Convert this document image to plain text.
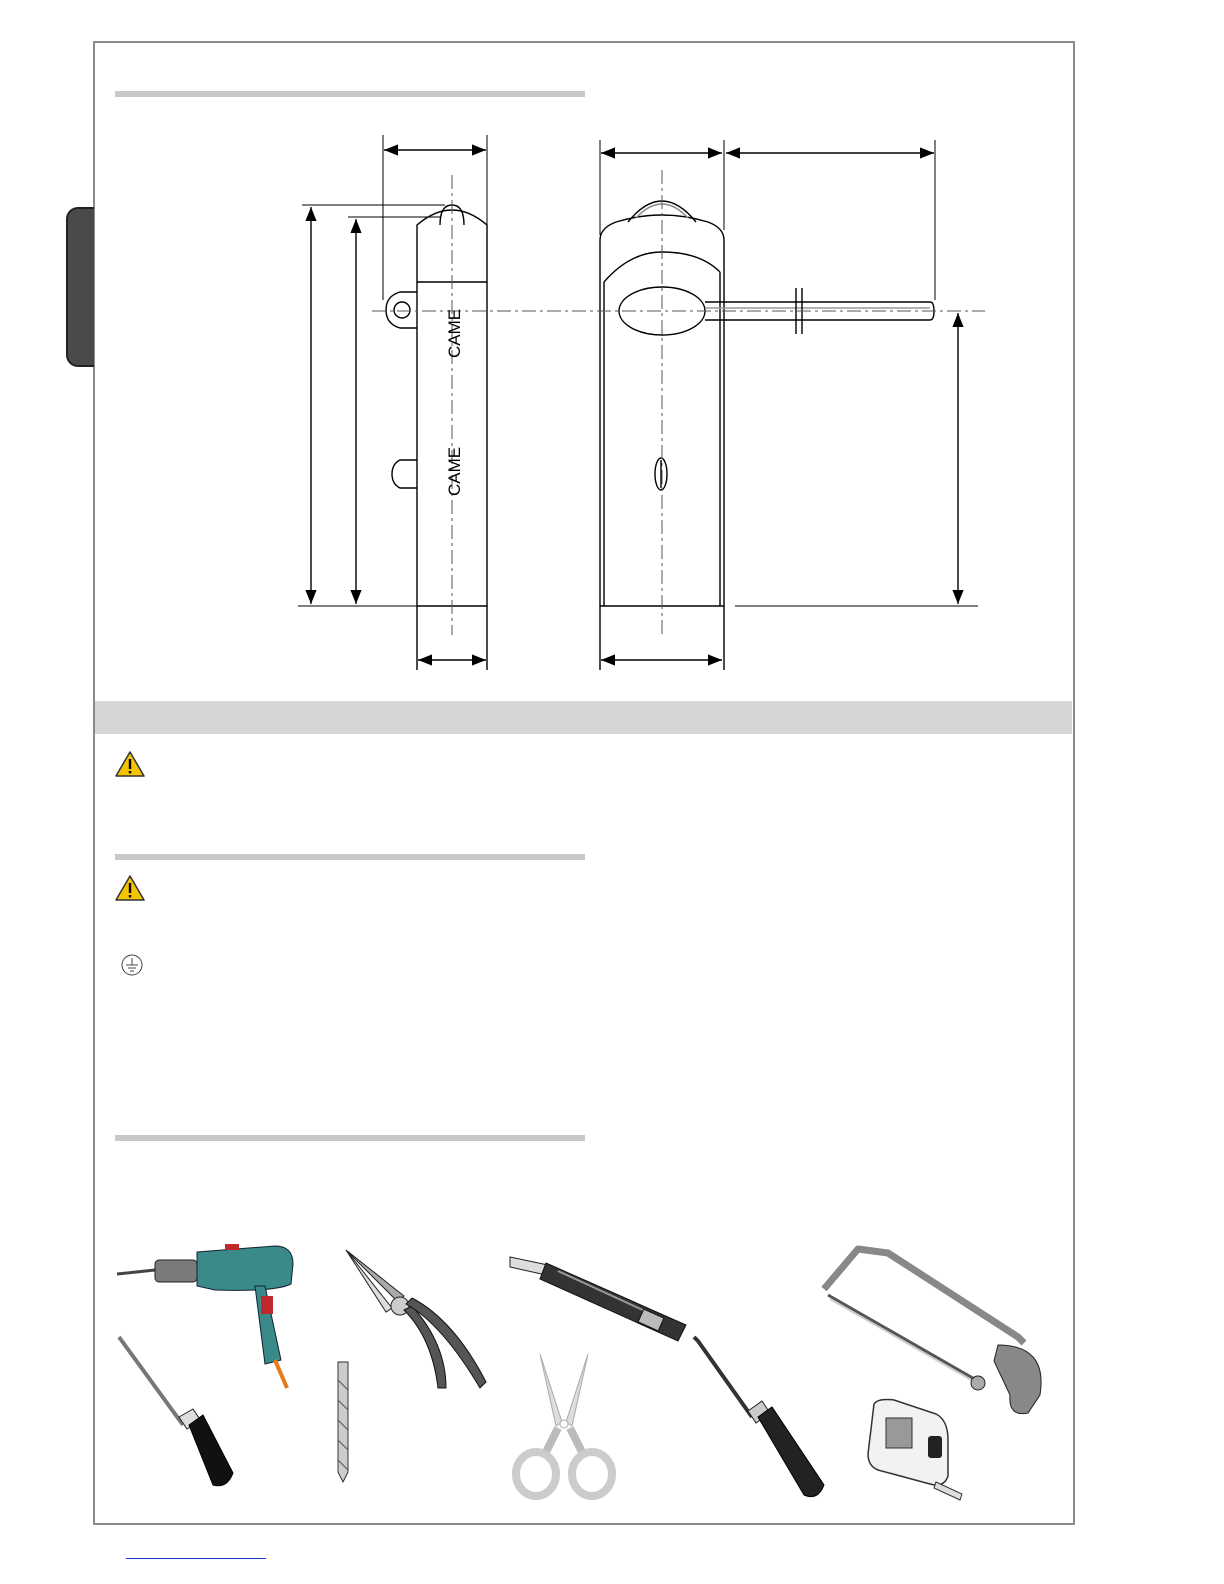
CAME
CAME
